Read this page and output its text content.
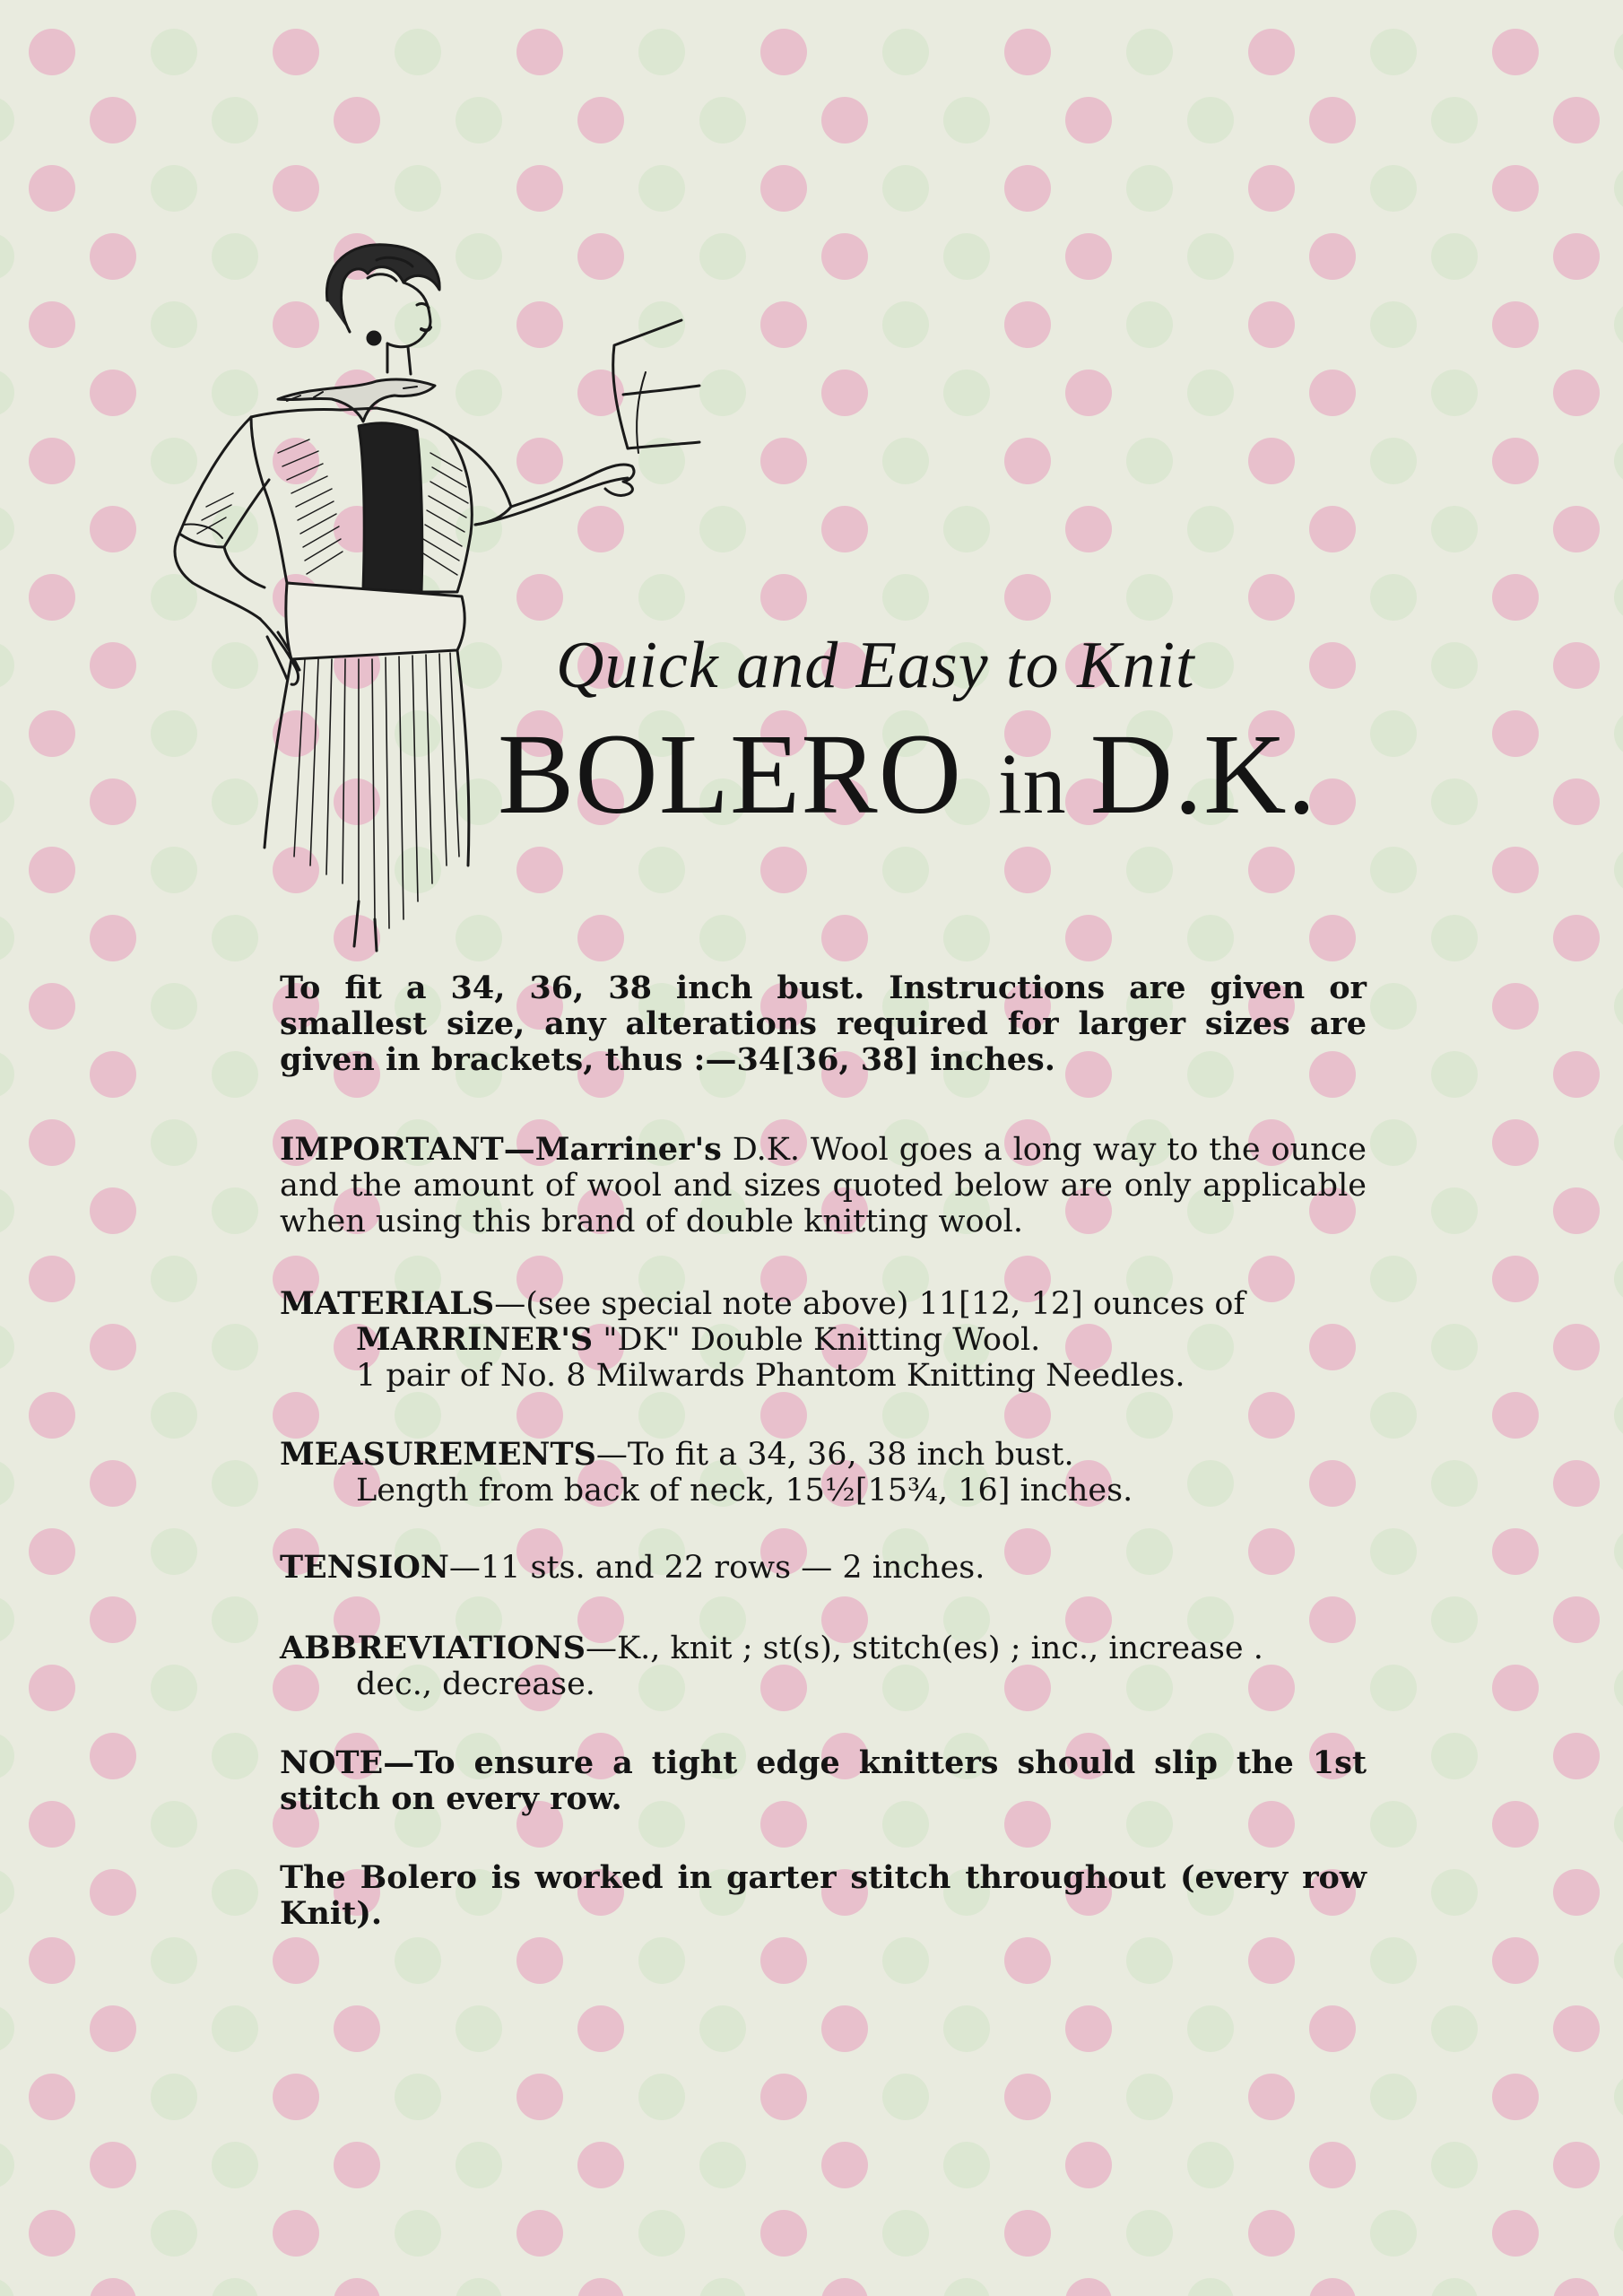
Quick and Easy to Knit
BOLERO in D.K.

To fit a 34, 36, 38 inch bust. Instructions are given or smallest size, any alterations required for larger sizes are given in brackets, thus :—34[36, 38] inches.

IMPORTANT—Marriner's D.K. Wool goes a long way to the ounce and the amount of wool and sizes quoted below are only applicable when using this brand of double knitting wool.

MATERIALS—(see special note above) 11[12, 12] ounces of
MARRINER'S "DK" Double Knitting Wool.
1 pair of No. 8 Milwards Phantom Knitting Needles.

MEASUREMENTS—To fit a 34, 36, 38 inch bust.
Length from back of neck, 15½[15¾, 16] inches.

TENSION—11 sts. and 22 rows — 2 inches.

ABBREVIATIONS—K., knit ; st(s), stitch(es) ; inc., increase .
dec., decrease.

NOTE—To ensure a tight edge knitters should slip the 1st stitch on every row.

The Bolero is worked in garter stitch throughout (every row Knit).
